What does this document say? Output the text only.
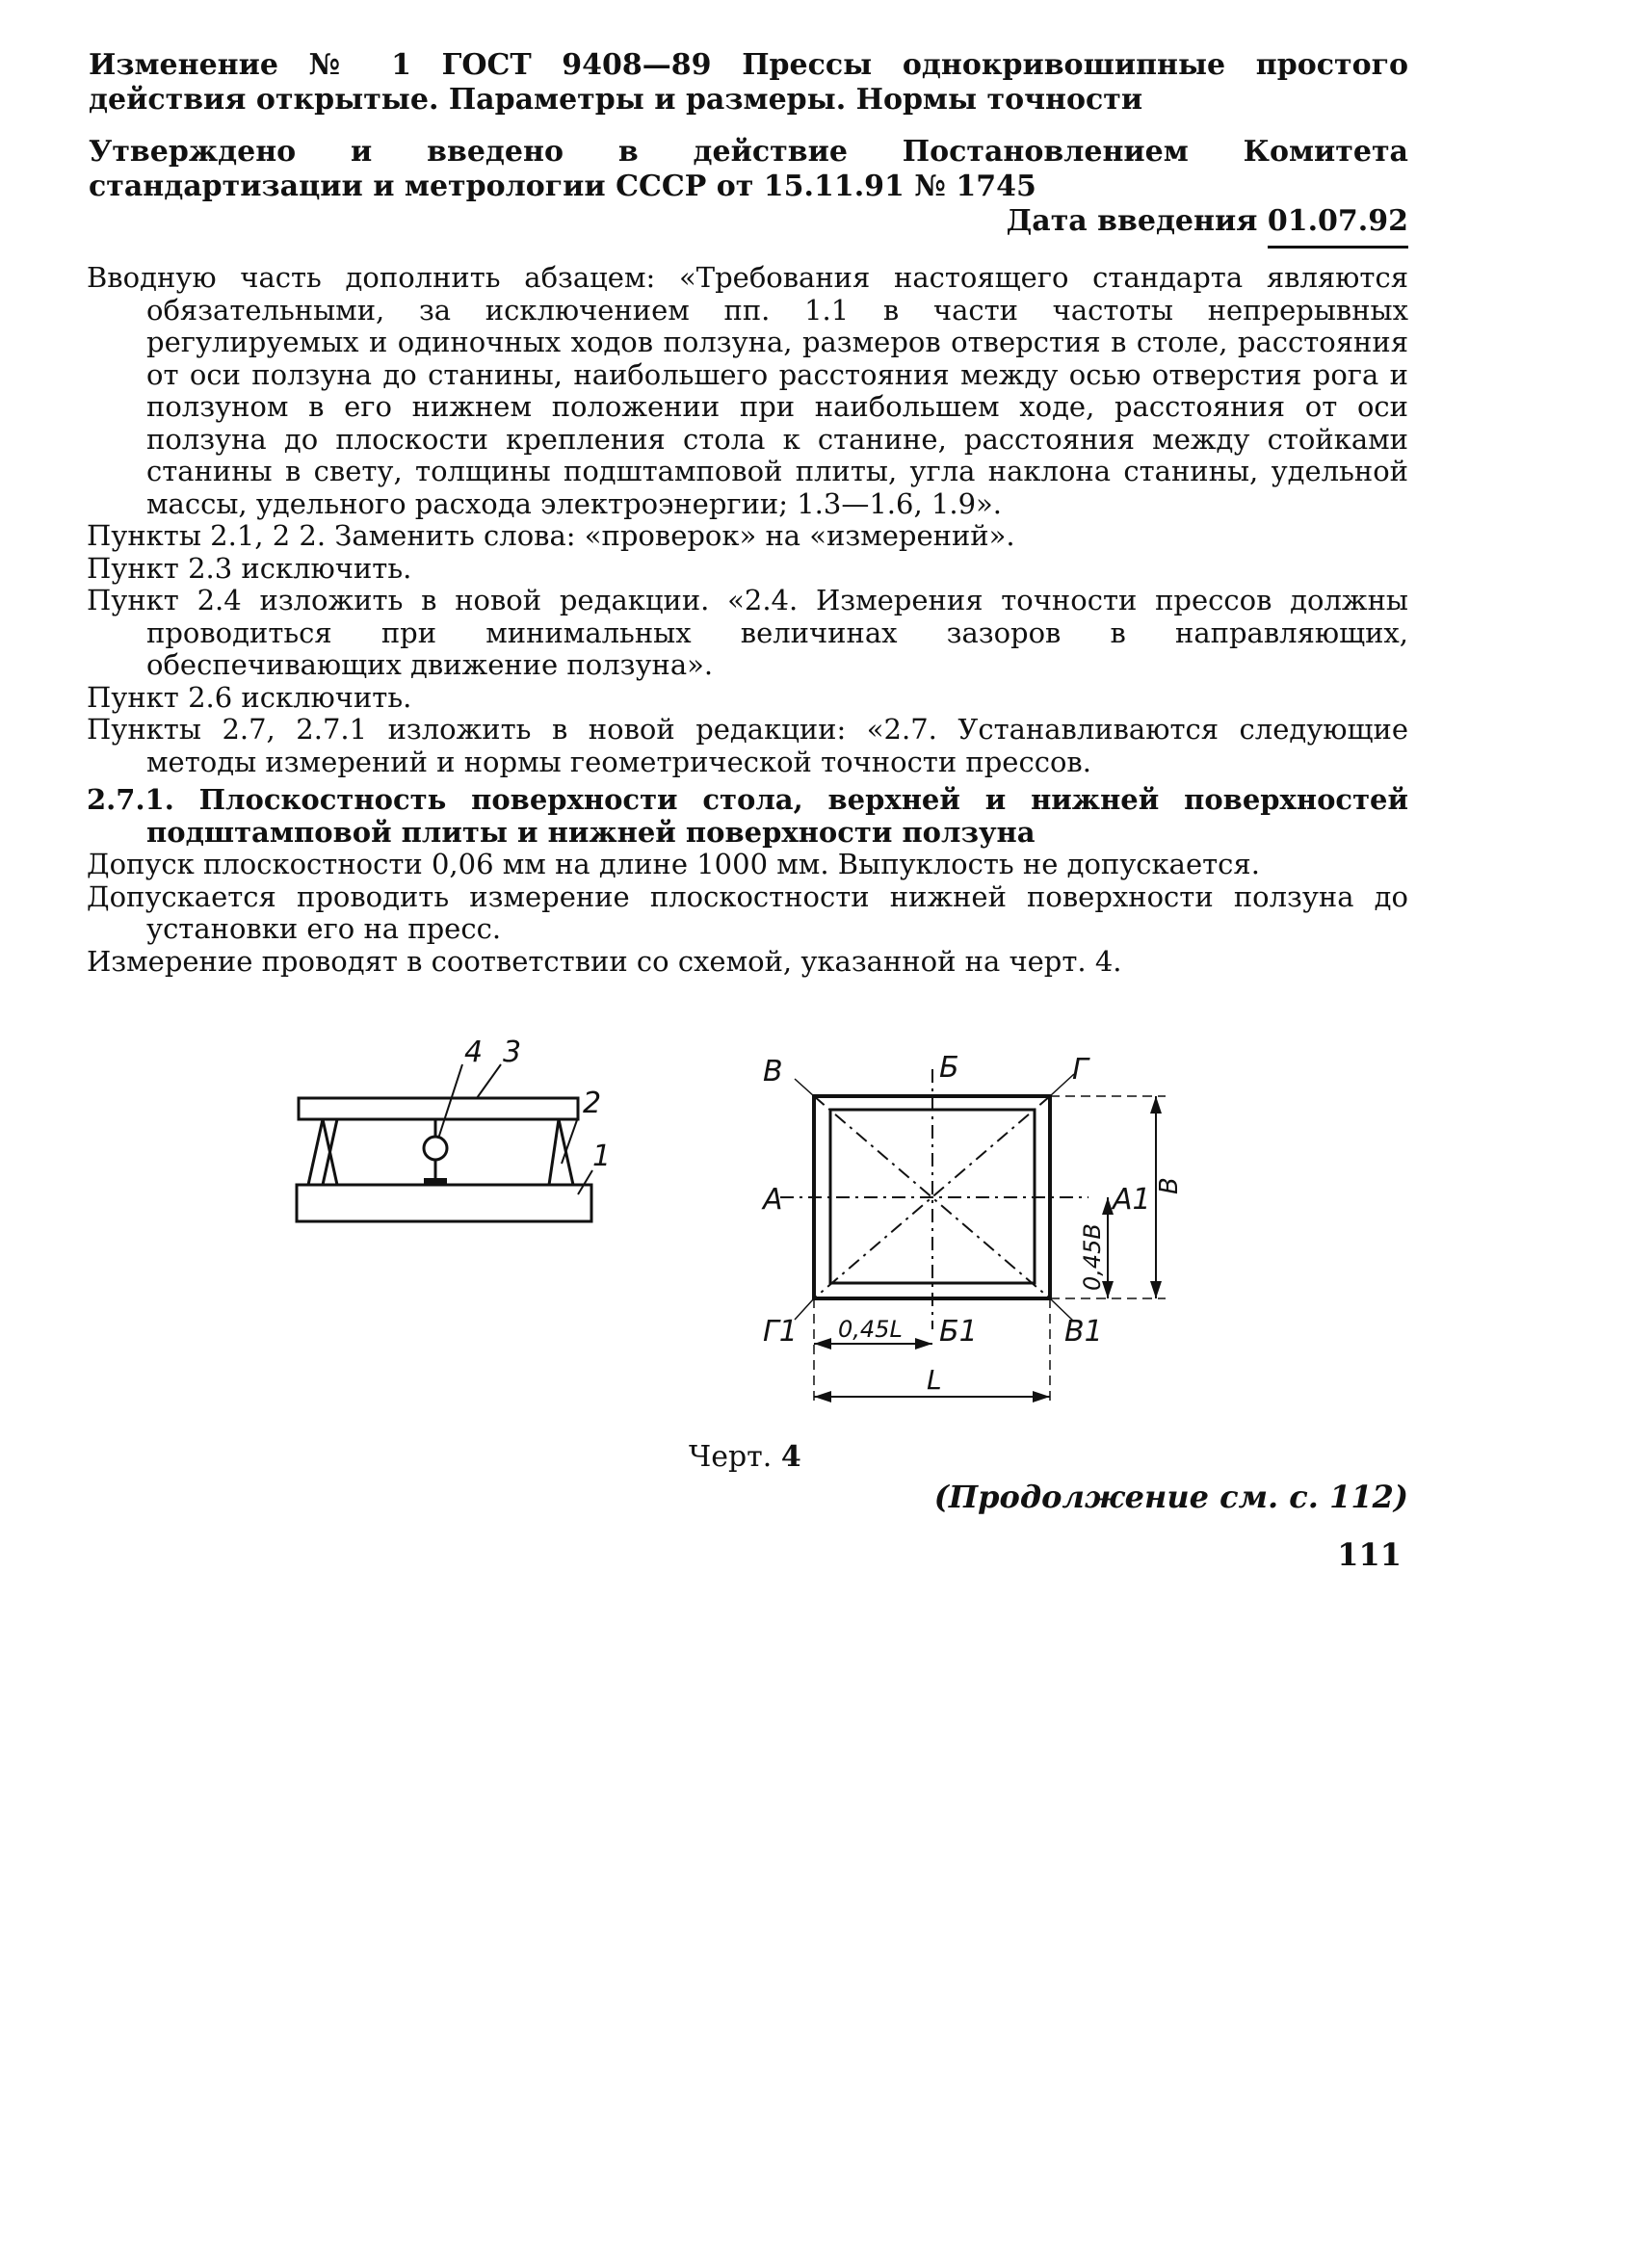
Изменение № 1 ГОСТ 9408—89 Прессы однокривошипные простого действия открытые. Параметры и размеры. Нормы точности
Утверждено и введено в действие Постановлением Комитета стандартизации и метрологии СССР от 15.11.91 № 1745
Дата введения 01.07.92

Вводную часть дополнить абзацем: «Требования настоящего стандарта являются обязательными, за исключением пп. 1.1 в части частоты непрерывных регулируемых и одиночных ходов ползуна, размеров отверстия в столе, расстояния от оси ползуна до станины, наибольшего расстояния между осью отверстия рога и ползуном в его нижнем положении при наибольшем ходе, расстояния от оси ползуна до плоскости крепления стола к станине, расстояния между стойками станины в свету, толщины подштамповой плиты, угла наклона станины, удельной массы, удельного расхода электроэнергии; 1.3—1.6, 1.9».

Пункты 2.1, 2 2. Заменить слова: «проверок» на «измерений».

Пункт 2.3 исключить.

Пункт 2.4 изложить в новой редакции. «2.4. Измерения точности прессов должны проводиться при минимальных величинах зазоров в направляющих, обеспечивающих движение ползуна».

Пункт 2.6 исключить.

Пункты 2.7, 2.7.1 изложить в новой редакции: «2.7. Устанавливаются следующие методы измерений и нормы геометрической точности прессов.

2.7.1. Плоскостность поверхности стола, верхней и нижней поверхностей подштамповой плиты и нижней поверхности ползуна

Допуск плоскостности 0,06 мм на длине 1000 мм. Выпуклость не допускается.

Допускается проводить измерение плоскостности нижней поверхности ползуна до установки его на пресс.

Измерение проводят в соответствии со схемой, указанной на черт. 4.

4 3
2
1
В	Б	Г
А	А1
Г1	Б1	В1
0,45В
В
0,45L
L
Черт. 4
(Продолжение см. с. 112)
111
